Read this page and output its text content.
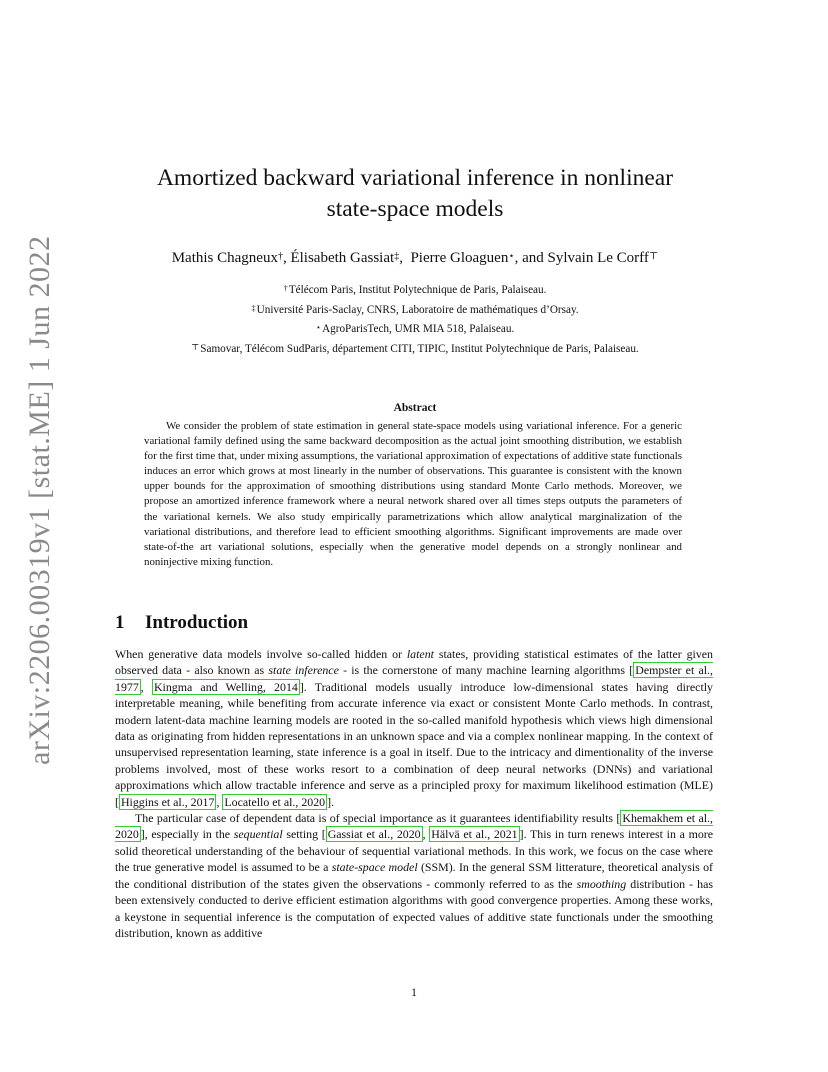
arXiv:2206.00319v1 [stat.ME] 1 Jun 2022
Amortized backward variational inference in nonlinear
state-space models
Mathis Chagneux†, Élisabeth Gassiat‡,  Pierre Gloaguen⋆, and Sylvain Le Corff⊤
†Télécom Paris, Institut Polytechnique de Paris, Palaiseau.
‡Université Paris-Saclay, CNRS, Laboratoire de mathématiques d’Orsay.
⋆AgroParisTech, UMR MIA 518, Palaiseau.
⊤Samovar, Télécom SudParis, département CITI, TIPIC, Institut Polytechnique de Paris, Palaiseau.
Abstract
We consider the problem of state estimation in general state-space models using variational inference. For a generic variational family defined using the same backward decomposition as the actual joint smoothing distribution, we establish for the first time that, under mixing assumptions, the variational approximation of expectations of additive state functionals induces an error which grows at most linearly in the number of observations. This guarantee is consistent with the known upper bounds for the approximation of smoothing distributions using standard Monte Carlo methods. Moreover, we propose an amortized inference framework where a neural network shared over all times steps outputs the parameters of the variational kernels. We also study empirically parametrizations which allow analytical marginalization of the variational distributions, and therefore lead to efficient smoothing algorithms. Significant improvements are made over state-of-the art variational solutions, especially when the generative model depends on a strongly nonlinear and noninjective mixing function.
1 Introduction

When generative data models involve so-called hidden or latent states, providing statistical estimates of the latter given observed data - also known as state inference - is the cornerstone of many machine learning algorithms [ Dempster et al., 1977 , Kingma and Welling, 2014 ]. Traditional models usually introduce low-dimensional states having directly interpretable meaning, while benefiting from accurate inference via exact or consistent Monte Carlo methods. In contrast, modern latent-data machine learning models are rooted in the so-called manifold hypothesis which views high dimensional data as originating from hidden representations in an unknown space and via a complex nonlinear mapping. In the context of unsupervised representation learning, state inference is a goal in itself. Due to the intricacy and dimentionality of the inverse problems involved, most of these works resort to a combination of deep neural networks (DNNs) and variational approximations which allow tractable inference and serve as a principled proxy for maximum likelihood estimation (MLE) [ Higgins et al., 2017 , Locatello et al., 2020 ].

The particular case of dependent data is of special importance as it guarantees identifiability results [ Khemakhem et al., 2020 ], especially in the sequential setting [ Gassiat et al., 2020 , Hälvä et al., 2021 ]. This in turn renews interest in a more solid theoretical understanding of the behaviour of sequential variational methods. In this work, we focus on the case where the true generative model is assumed to be a state-space model (SSM). In the general SSM litterature, theoretical analysis of the conditional distribution of the states given the observations - commonly referred to as the smoothing distribution - has been extensively conducted to derive efficient estimation algorithms with good convergence properties. Among these works, a keystone in sequential inference is the computation of expected values of additive state functionals under the smoothing distribution, known as additive

1
